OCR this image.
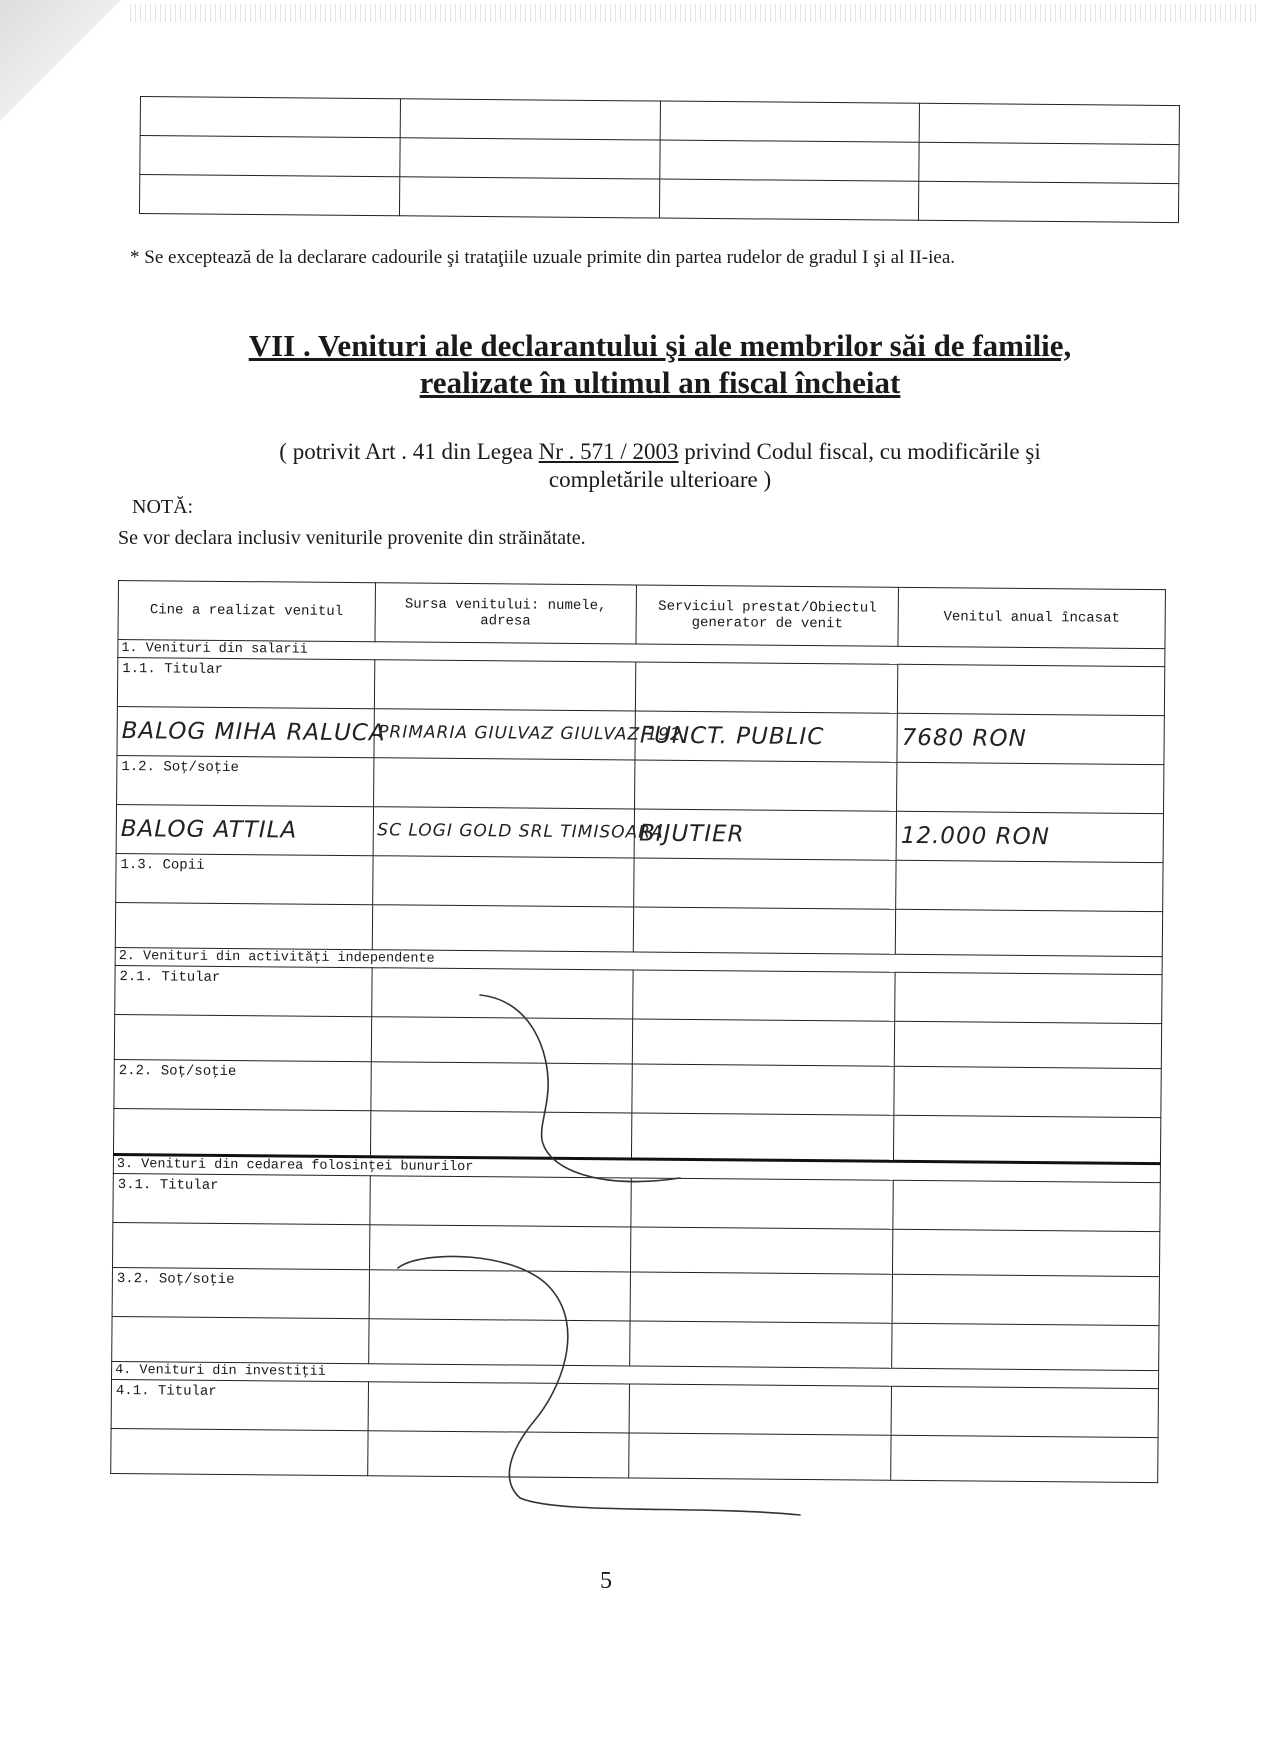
* Se exceptează de la declarare cadourile şi trataţiile uzuale primite din partea rudelor de gradul I şi al II-iea.
VII . Venituri ale declarantului şi ale membrilor săi de familie,
realizate în ultimul an fiscal încheiat
( potrivit Art . 41 din Legea Nr . 571 / 2003 privind Codul fiscal, cu modificările şi
completările ulterioare )
NOTĂ:
Se vor declara inclusiv veniturile provenite din străinătate.
Cine a realizat venitul	Sursa venitului: numele, adresa	Serviciul prestat/Obiectul generator de venit	Venitul anual încasat
1. Venituri din salarii			
1.1. Titular			
BALOG MIHA RALUCA	PRIMARIA GIULVAZ GIULVAZ 192	FUNCT. PUBLIC	7680 RON
1.2. Soţ/soţie			
BALOG ATTILA	SC LOGI GOLD SRL TIMISOARA	BIJUTIER	12.000 RON
1.3. Copii			

2. Venituri din activităţi independente			
2.1. Titular			

2.2. Soţ/soţie			

3. Venituri din cedarea folosinţei bunurilor			
3.1. Titular			

3.2. Soţ/soţie			

4. Venituri din investiţii			
4.1. Titular			

5
